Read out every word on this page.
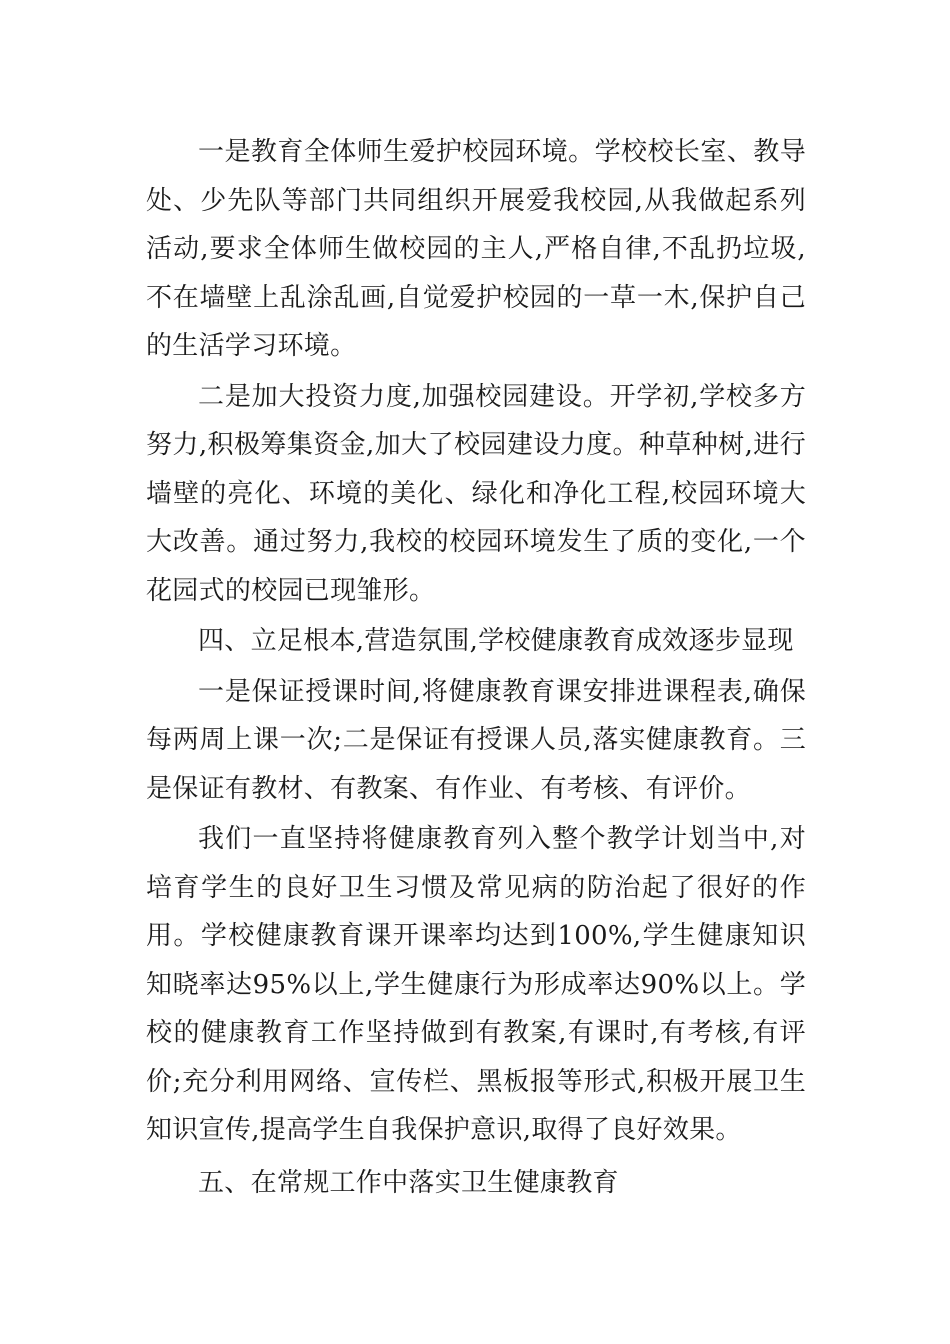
一是教育全体师生爱护校园环境。学校校长室、教导处、少先队等部门共同组织开展爱我校园,从我做起系列活动,要求全体师生做校园的主人,严格自律,不乱扔垃圾,不在墙壁上乱涂乱画,自觉爱护校园的一草一木,保护自己的生活学习环境。

二是加大投资力度,加强校园建设。开学初,学校多方努力,积极筹集资金,加大了校园建设力度。种草种树,进行墙壁的亮化、环境的美化、绿化和净化工程,校园环境大大改善。通过努力,我校的校园环境发生了质的变化,一个花园式的校园已现雏形。

四、立足根本,营造氛围,学校健康教育成效逐步显现

一是保证授课时间,将健康教育课安排进课程表,确保每两周上课一次;二是保证有授课人员,落实健康教育。三是保证有教材、有教案、有作业、有考核、有评价。

我们一直坚持将健康教育列入整个教学计划当中,对培育学生的良好卫生习惯及常见病的防治起了很好的作用。学校健康教育课开课率均达到100%,学生健康知识知晓率达95%以上,学生健康行为形成率达90%以上。学校的健康教育工作坚持做到有教案,有课时,有考核,有评价;充分利用网络、宣传栏、黑板报等形式,积极开展卫生知识宣传,提高学生自我保护意识,取得了良好效果。

五、在常规工作中落实卫生健康教育
